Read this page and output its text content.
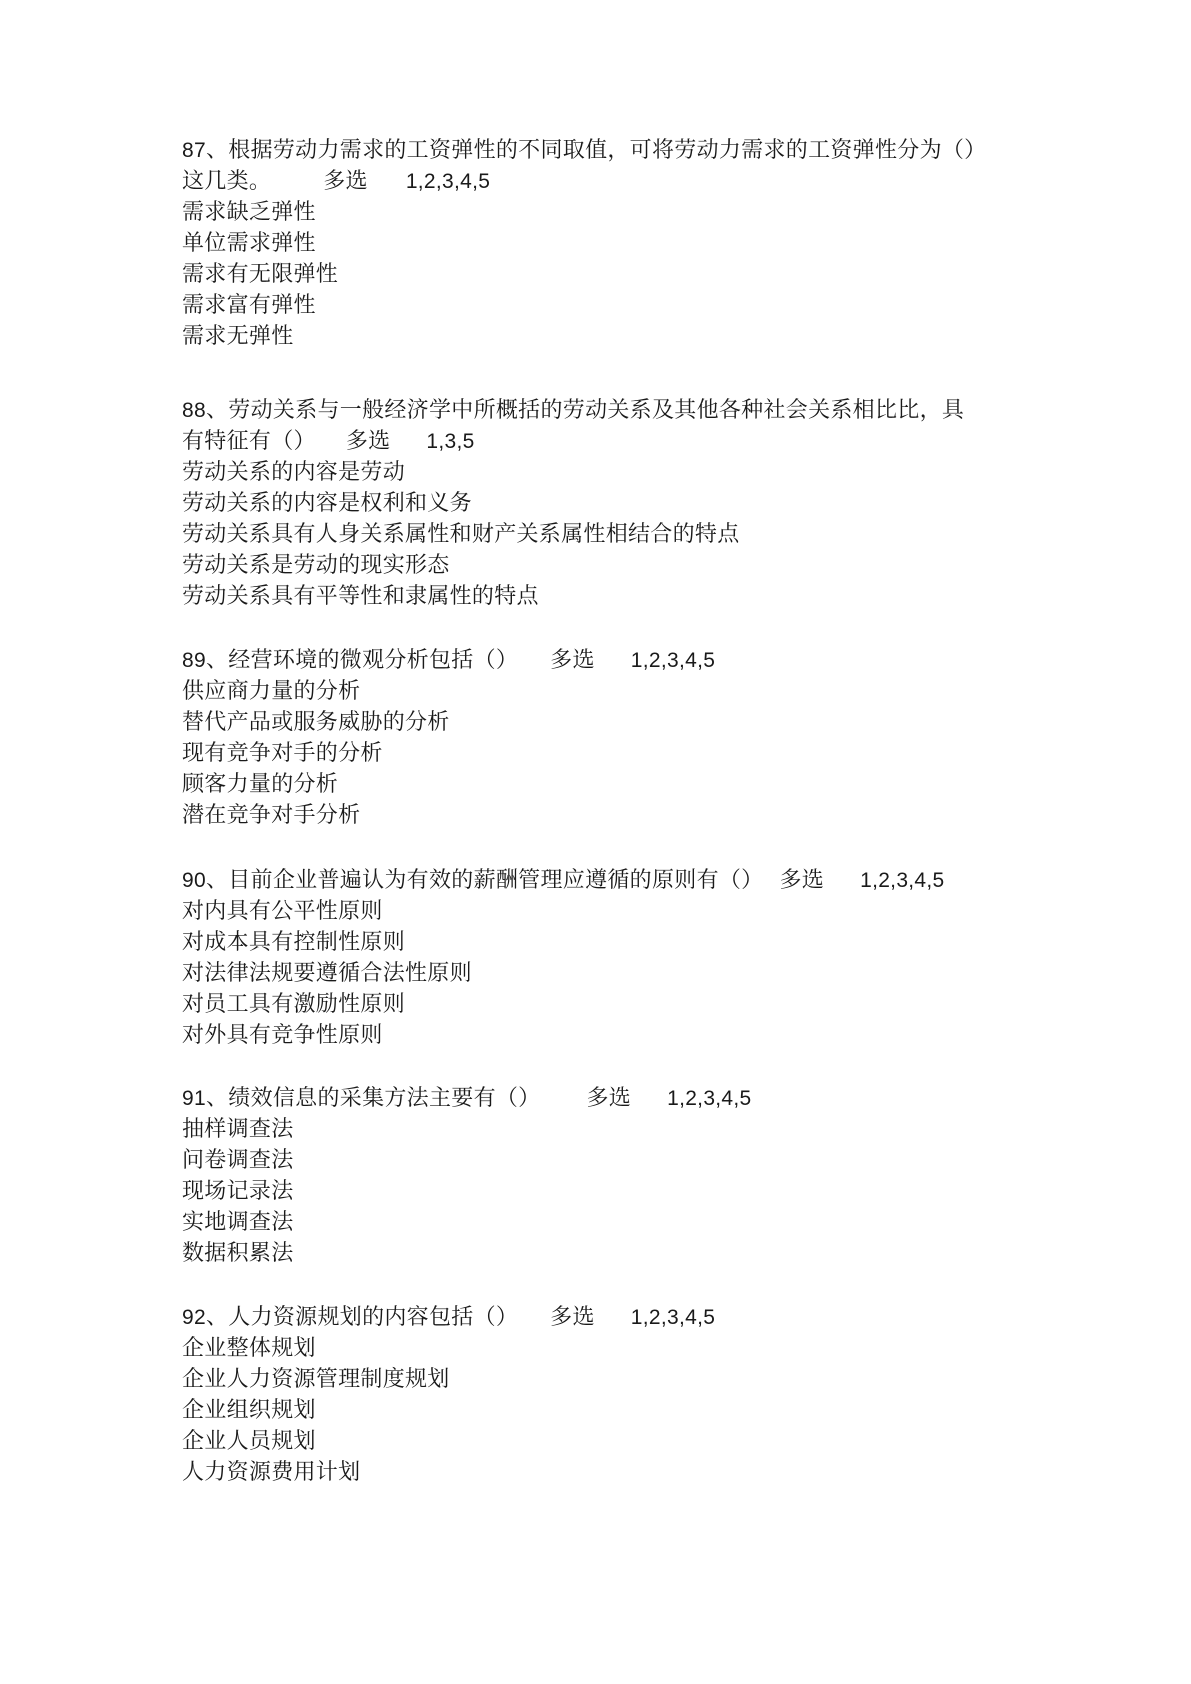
87、根据劳动力需求的工资弹性的不同取值，可将劳动力需求的工资弹性分为（）
这几类。 多选 1,2,3,4,5
需求缺乏弹性
单位需求弹性
需求有无限弹性
需求富有弹性
需求无弹性
88、劳动关系与一般经济学中所概括的劳动关系及其他各种社会关系相比比，具
有特征有（） 多选 1,3,5
劳动关系的内容是劳动
劳动关系的内容是权利和义务
劳动关系具有人身关系属性和财产关系属性相结合的特点
劳动关系是劳动的现实形态
劳动关系具有平等性和隶属性的特点
89、经营环境的微观分析包括（） 多选 1,2,3,4,5
供应商力量的分析
替代产品或服务威胁的分析
现有竞争对手的分析
顾客力量的分析
潜在竞争对手分析
90、目前企业普遍认为有效的薪酬管理应遵循的原则有（） 多选 1,2,3,4,5
对内具有公平性原则
对成本具有控制性原则
对法律法规要遵循合法性原则
对员工具有激励性原则
对外具有竞争性原则
91、绩效信息的采集方法主要有（） 多选 1,2,3,4,5
抽样调查法
问卷调查法
现场记录法
实地调查法
数据积累法
92、人力资源规划的内容包括（） 多选 1,2,3,4,5
企业整体规划
企业人力资源管理制度规划
企业组织规划
企业人员规划
人力资源费用计划
